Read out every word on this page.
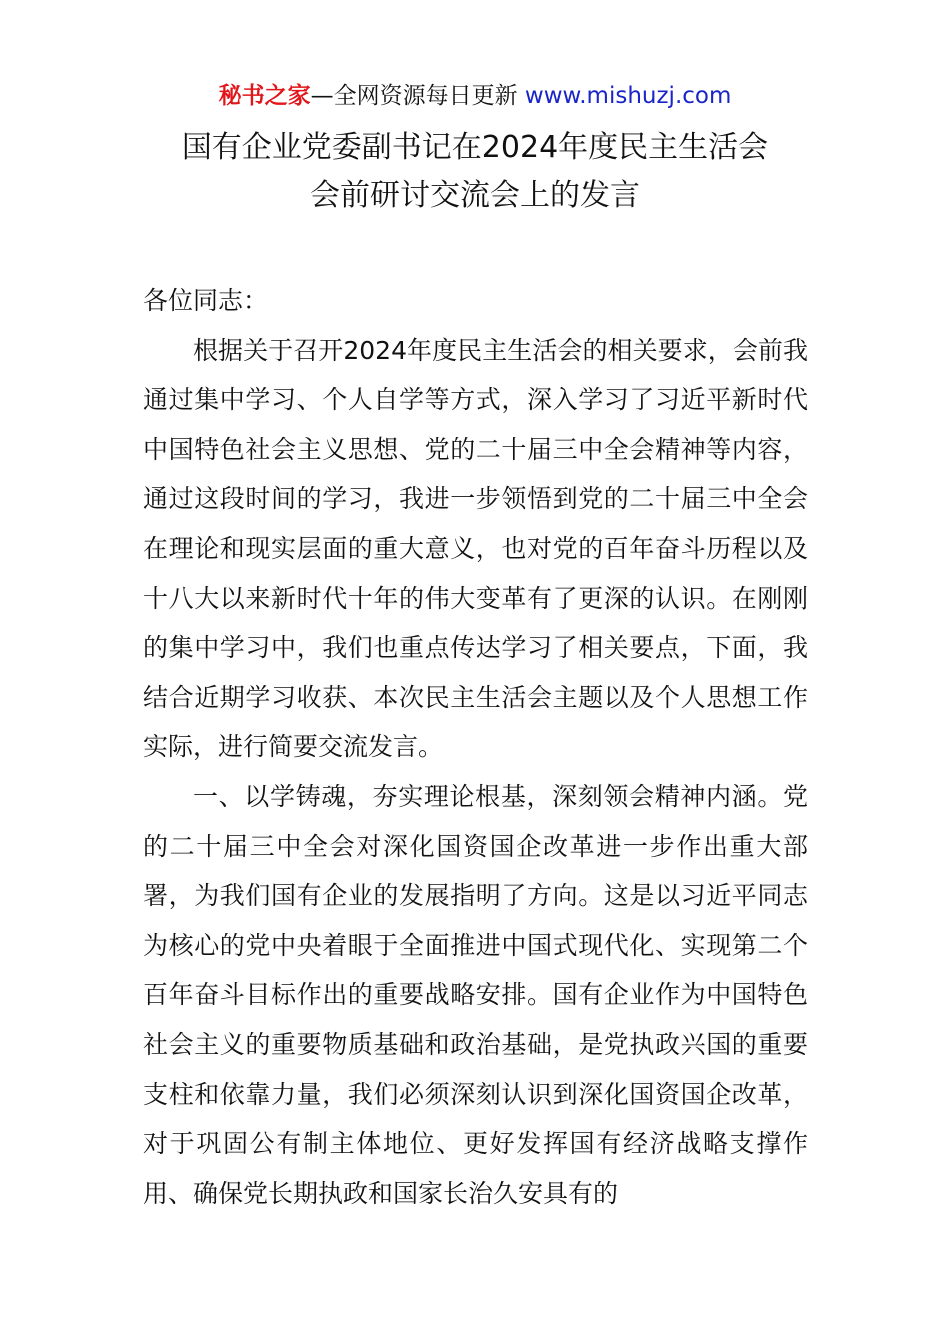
秘书之家—全网资源每日更新 www.mishuzj.com
国有企业党委副书记在2024年度民主生活会
会前研讨交流会上的发言

各位同志：

根据关于召开2024年度民主生活会的相关要求，会前我通过集中学习、个人自学等方式，深入学习了习近平新时代中国特色社会主义思想、党的二十届三中全会精神等内容，通过这段时间的学习，我进一步领悟到党的二十届三中全会在理论和现实层面的重大意义，也对党的百年奋斗历程以及十八大以来新时代十年的伟大变革有了更深的认识。在刚刚的集中学习中，我们也重点传达学习了相关要点，下面，我结合近期学习收获、本次民主生活会主题以及个人思想工作实际，进行简要交流发言。

一、以学铸魂，夯实理论根基，深刻领会精神内涵。党的二十届三中全会对深化国资国企改革进一步作出重大部署，为我们国有企业的发展指明了方向。这是以习近平同志为核心的党中央着眼于全面推进中国式现代化、实现第二个百年奋斗目标作出的重要战略安排。国有企业作为中国特色社会主义的重要物质基础和政治基础，是党执政兴国的重要支柱和依靠力量，我们必须深刻认识到深化国资国企改革，对于巩固公有制主体地位、更好发挥国有经济战略支撑作用、确保党长期执政和国家长治久安具有的
